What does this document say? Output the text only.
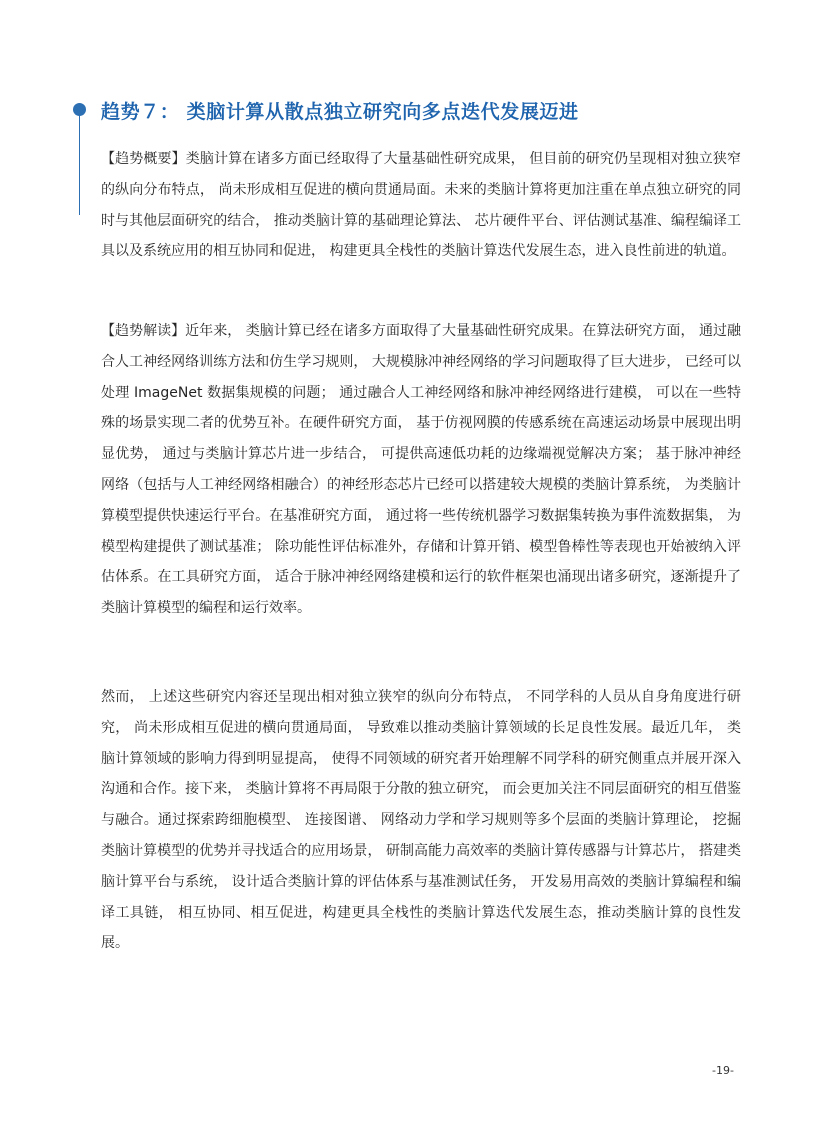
趋势７： 类脑计算从散点独立研究向多点迭代发展迈进

【趋势概要】类脑计算在诸多方面已经取得了大量基础性研究成果， 但目前的研究仍呈现相对独立狭窄的纵向分布特点， 尚未形成相互促进的横向贯通局面。未来的类脑计算将更加注重在单点独立研究的同时与其他层面研究的结合， 推动类脑计算的基础理论算法、 芯片硬件平台、评估测试基准、编程编译工具以及系统应用的相互协同和促进， 构建更具全栈性的类脑计算迭代发展生态，进入良性前进的轨道。

【趋势解读】近年来， 类脑计算已经在诸多方面取得了大量基础性研究成果。在算法研究方面， 通过融合人工神经网络训练方法和仿生学习规则， 大规模脉冲神经网络的学习问题取得了巨大进步， 已经可以处理 ImageNet 数据集规模的问题； 通过融合人工神经网络和脉冲神经网络进行建模， 可以在一些特殊的场景实现二者的优势互补。在硬件研究方面， 基于仿视网膜的传感系统在高速运动场景中展现出明显优势， 通过与类脑计算芯片进一步结合， 可提供高速低功耗的边缘端视觉解决方案； 基于脉冲神经网络（包括与人工神经网络相融合）的神经形态芯片已经可以搭建较大规模的类脑计算系统， 为类脑计算模型提供快速运行平台。在基准研究方面， 通过将一些传统机器学习数据集转换为事件流数据集， 为模型构建提供了测试基准； 除功能性评估标准外，存储和计算开销、模型鲁棒性等表现也开始被纳入评估体系。在工具研究方面， 适合于脉冲神经网络建模和运行的软件框架也涌现出诸多研究，逐渐提升了类脑计算模型的编程和运行效率。

然而， 上述这些研究内容还呈现出相对独立狭窄的纵向分布特点， 不同学科的人员从自身角度进行研究， 尚未形成相互促进的横向贯通局面， 导致难以推动类脑计算领域的长足良性发展。最近几年， 类脑计算领域的影响力得到明显提高， 使得不同领域的研究者开始理解不同学科的研究侧重点并展开深入沟通和合作。接下来， 类脑计算将不再局限于分散的独立研究， 而会更加关注不同层面研究的相互借鉴与融合。通过探索跨细胞模型、 连接图谱、 网络动力学和学习规则等多个层面的类脑计算理论， 挖掘类脑计算模型的优势并寻找适合的应用场景， 研制高能力高效率的类脑计算传感器与计算芯片， 搭建类脑计算平台与系统， 设计适合类脑计算的评估体系与基准测试任务， 开发易用高效的类脑计算编程和编译工具链， 相互协同、相互促进，构建更具全栈性的类脑计算迭代发展生态，推动类脑计算的良性发展。

-19-
